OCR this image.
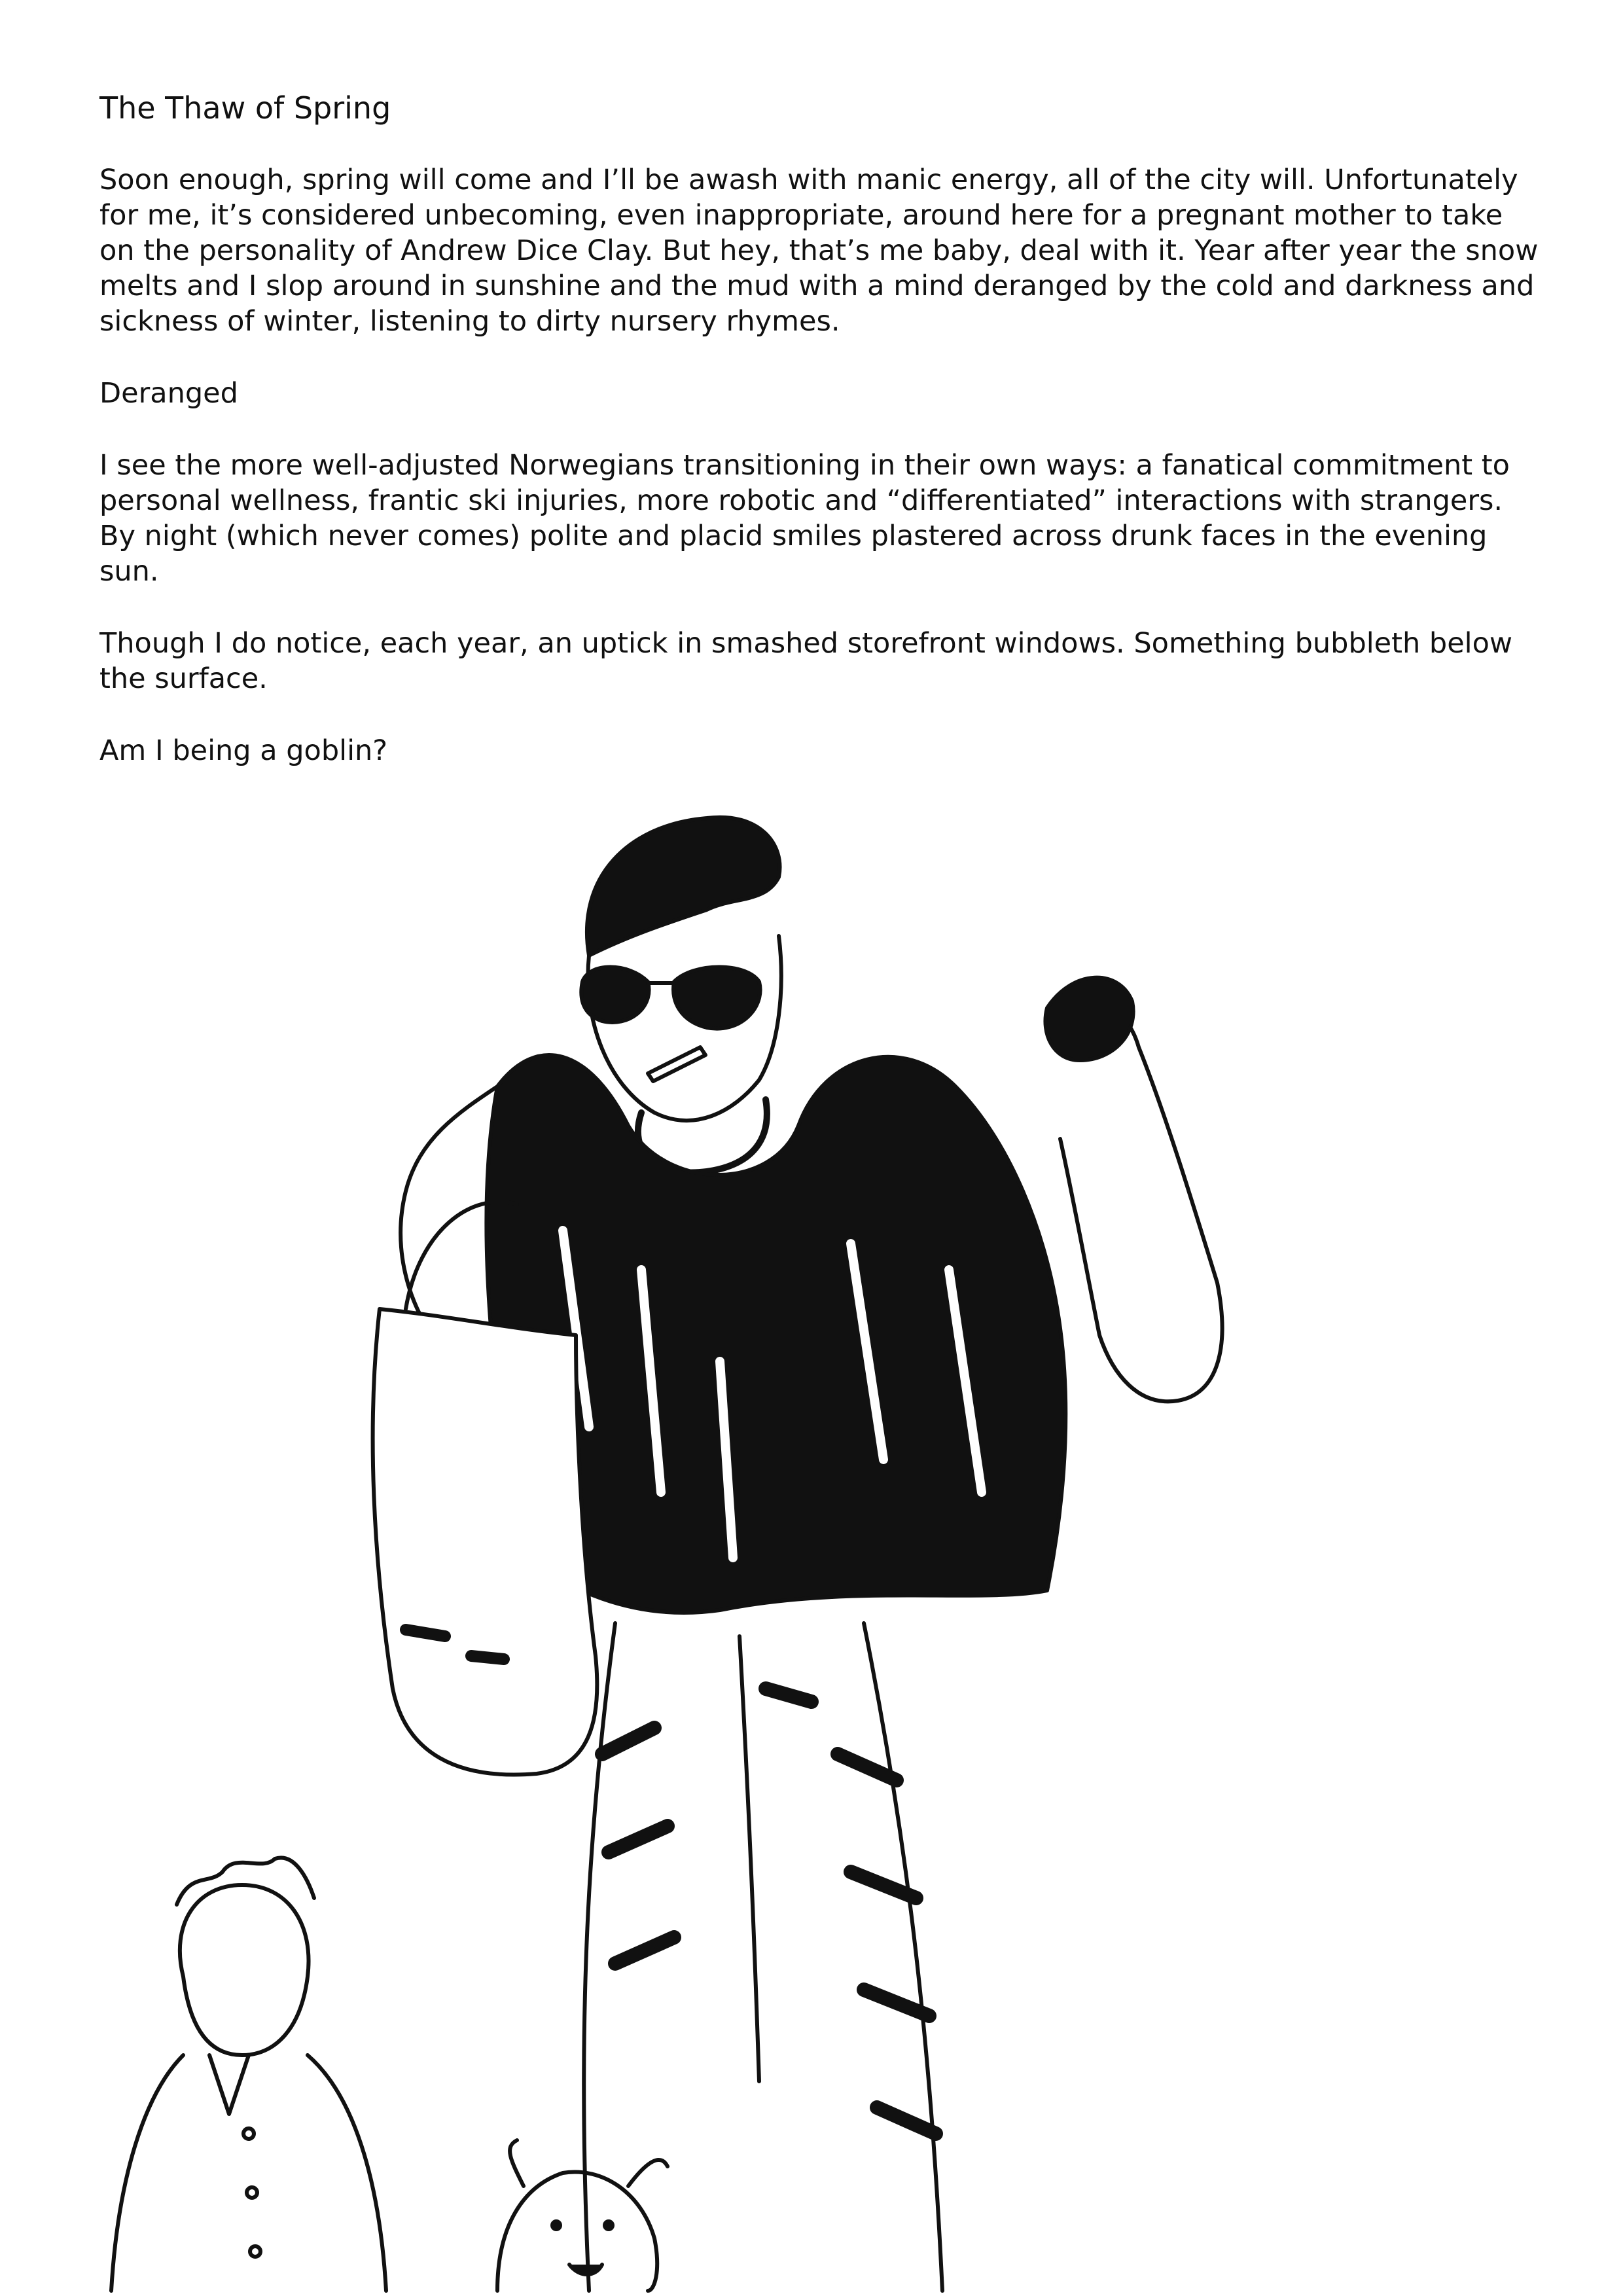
The Thaw of Spring

Soon enough, spring will come and I’ll be awash with manic energy, all of the city will. Unfortunately for me, it’s considered unbecoming, even inappropriate, around here for a pregnant mother to take on the personality of Andrew Dice Clay. But hey, that’s me baby, deal with it. Year after year the snow melts and I slop around in sunshine and the mud with a mind deranged by the cold and darkness and sickness of winter, listening to dirty nursery rhymes.

Deranged

I see the more well-adjusted Norwegians transitioning in their own ways: a fanatical commitment to personal wellness, frantic ski injuries, more robotic and “differentiated” interactions with strangers. By night (which never comes) polite and placid smiles plastered across drunk faces in the evening sun.

Though I do notice, each year, an uptick in smashed storefront windows. Something bubbleth below the surface.

Am I being a goblin?
